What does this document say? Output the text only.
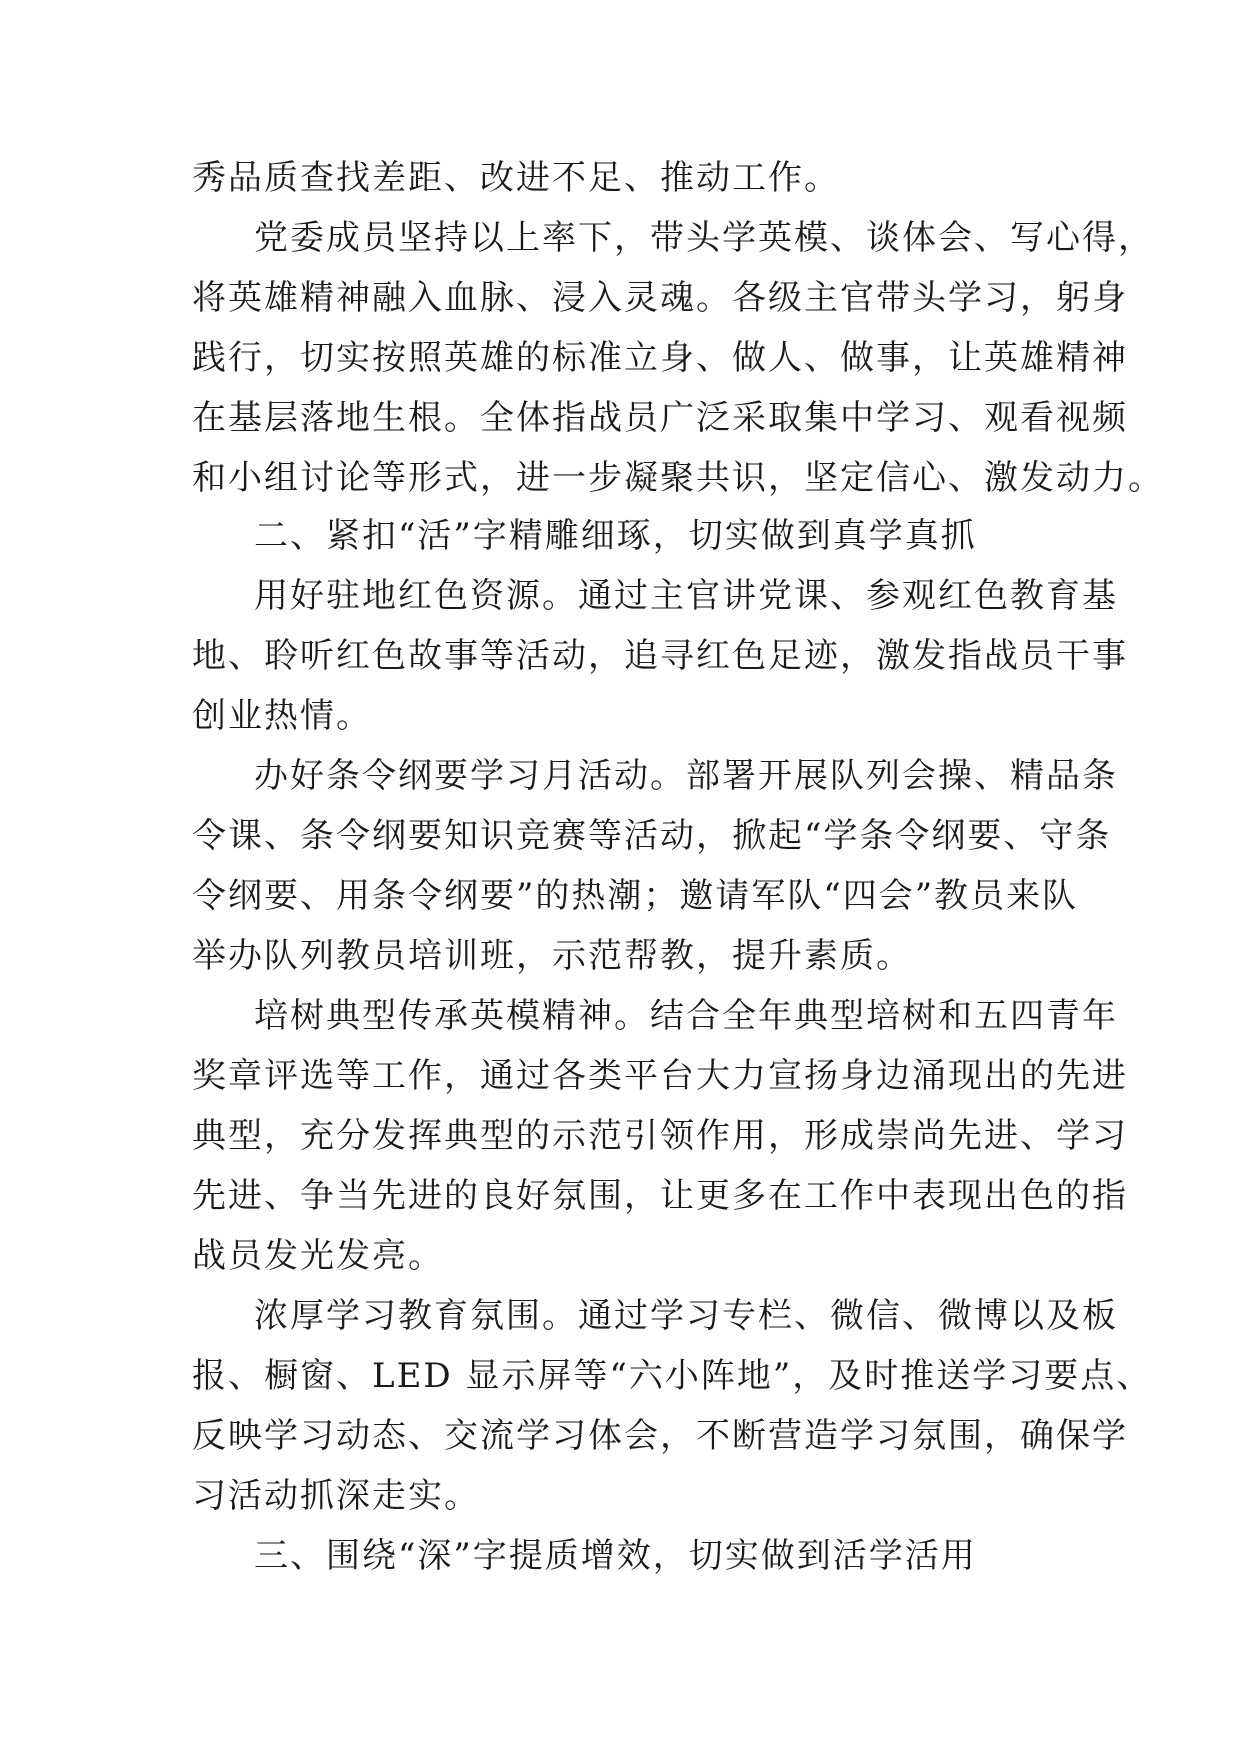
秀品质查找差距、改进不足、推动工作。
党委成员坚持以上率下，带头学英模、谈体会、写心得，
将英雄精神融入血脉、浸入灵魂。各级主官带头学习，躬身
践行，切实按照英雄的标准立身、做人、做事，让英雄精神
在基层落地生根。全体指战员广泛采取集中学习、观看视频
和小组讨论等形式，进一步凝聚共识，坚定信心、激发动力。
二、紧扣“活”字精雕细琢，切实做到真学真抓
用好驻地红色资源。通过主官讲党课、参观红色教育基
地、聆听红色故事等活动，追寻红色足迹，激发指战员干事
创业热情。
办好条令纲要学习月活动。部署开展队列会操、精品条
令课、条令纲要知识竞赛等活动，掀起“学条令纲要、守条
令纲要、用条令纲要”的热潮；邀请军队“四会”教员来队
举办队列教员培训班，示范帮教，提升素质。
培树典型传承英模精神。结合全年典型培树和五四青年
奖章评选等工作，通过各类平台大力宣扬身边涌现出的先进
典型，充分发挥典型的示范引领作用，形成崇尚先进、学习
先进、争当先进的良好氛围，让更多在工作中表现出色的指
战员发光发亮。
浓厚学习教育氛围。通过学习专栏、微信、微博以及板
报、橱窗、LED 显示屏等“六小阵地”，及时推送学习要点、
反映学习动态、交流学习体会，不断营造学习氛围，确保学
习活动抓深走实。
三、围绕“深”字提质增效，切实做到活学活用
